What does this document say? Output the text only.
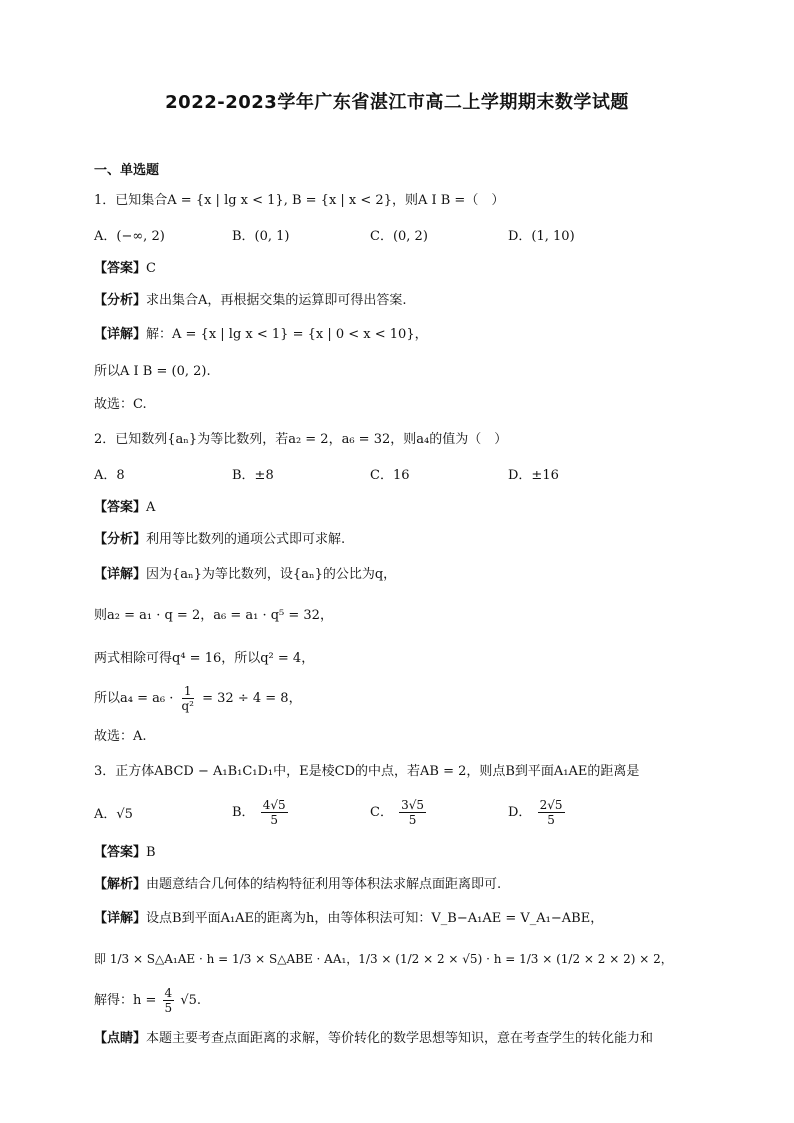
2022-2023学年广东省湛江市高二上学期期末数学试题
一、单选题
1．已知集合A = {x | lg x < 1}, B = {x | x < 2}，则A I B =（　）
A．(−∞, 2)	B．(0, 1)	C．(0, 2)	D．(1, 10)
【答案】C
【分析】求出集合A，再根据交集的运算即可得出答案.
【详解】解：A = {x | lg x < 1} = {x | 0 < x < 10}，
所以A I B = (0, 2).
故选：C.
2．已知数列{aₙ}为等比数列，若a₂ = 2，a₆ = 32，则a₄的值为（　）
A．8	B．±8	C．16	D．±16
【答案】A
【分析】利用等比数列的通项公式即可求解.
【详解】因为{aₙ}为等比数列，设{aₙ}的公比为q，
则a₂ = a₁ · q = 2，a₆ = a₁ · q⁵ = 32，
两式相除可得q⁴ = 16，所以q² = 4，
所以$a_4 = a_6 \cdot \frac{1}{\text{q²}} = 32 \div 4 = 8$，
故选：A.
3．正方体ABCD − A₁B₁C₁D₁中，E是棱CD的中点，若AB = 2，则点B到平面A₁AE的距离是
A．√5	B． $\frac{4√5}{5}$	C． $\frac{3√5}{5}$	D． $\frac{2√5}{5}$
【答案】B
【解析】由题意结合几何体的结构特征利用等体积法求解点面距离即可.
【详解】设点B到平面A₁AE的距离为h，由等体积法可知：V_B−A₁AE = V_A₁−ABE，
即 1/3 × S△A₁AE · h = 1/3 × S△ABE · AA₁，1/3 × (1/2 × 2 × √5) · h = 1/3 × (1/2 × 2 × 2) × 2，
解得：$h = \frac{4}{5} √5$.
【点睛】本题主要考查点面距离的求解，等价转化的数学思想等知识，意在考查学生的转化能力和
